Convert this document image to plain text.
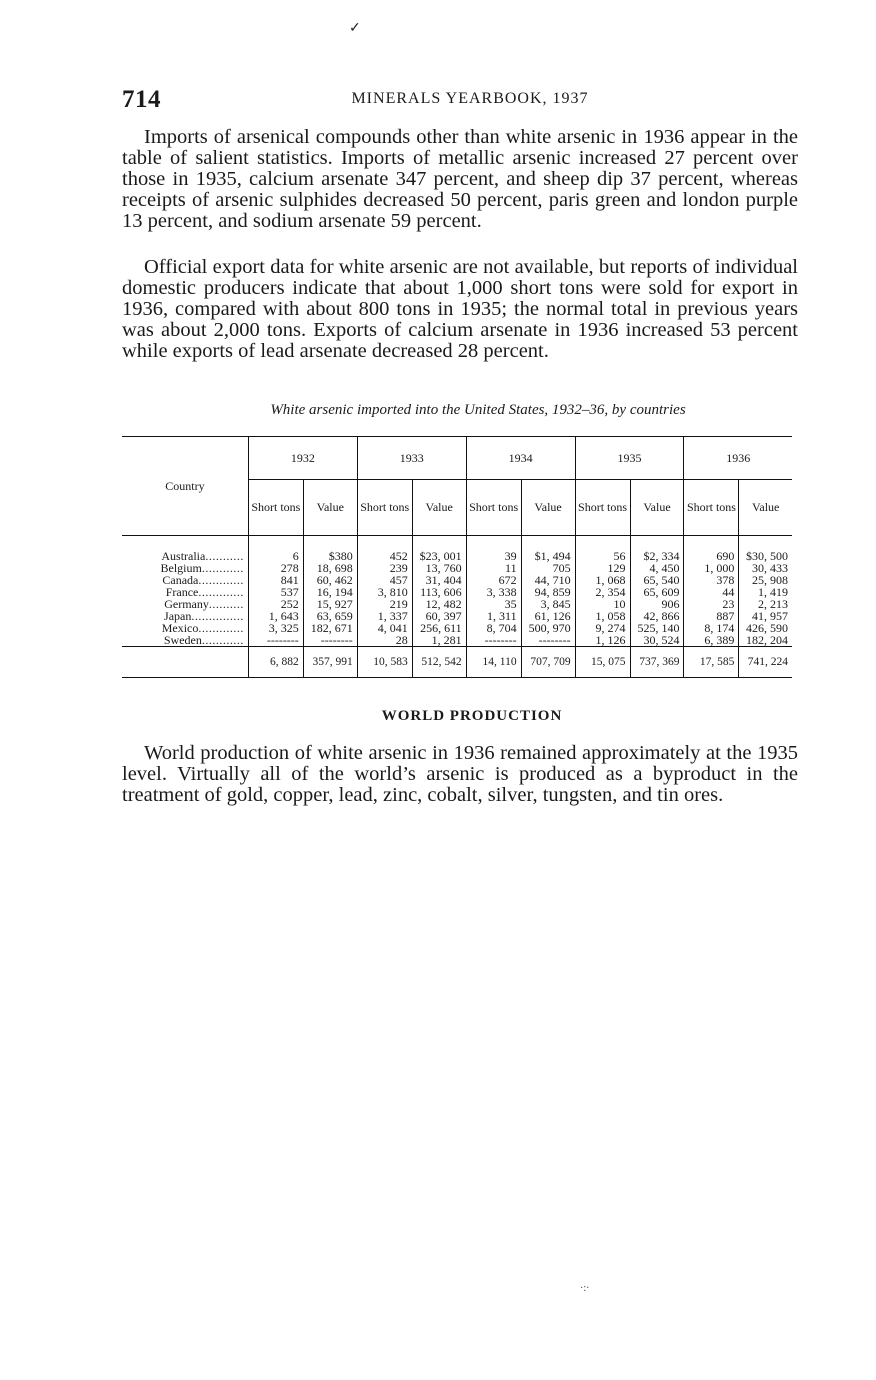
✓
714	MINERALS YEARBOOK, 1937

Imports of arsenical compounds other than white arsenic in 1936 appear in the table of salient statistics. Imports of metallic arsenic increased 27 percent over those in 1935, calcium arsenate 347 percent, and sheep dip 37 percent, whereas receipts of arsenic sulphides decreased 50 percent, paris green and london purple 13 percent, and sodium arsenate 59 percent.

Official export data for white arsenic are not available, but reports of individual domestic producers indicate that about 1,000 short tons were sold for export in 1936, compared with about 800 tons in 1935; the normal total in previous years was about 2,000 tons. Exports of calcium arsenate in 1936 increased 53 percent while exports of lead arsenate decreased 28 percent.

White arsenic imported into the United States, 1932–36, by countries
Country	1932		1933		1934		1935		1936	
	Short tons	Value	Short tons	Value	Short tons	Value	Short tons	Value	Short tons	Value

Australia...........	6	$380	452	$23, 001	39	$1, 494	56	$2, 334	690	$30, 500
Belgium............	278	18, 698	239	13, 760	11	705	129	4, 450	1, 000	30, 433
Canada.............	841	60, 462	457	31, 404	672	44, 710	1, 068	65, 540	378	25, 908
France.............	537	16, 194	3, 810	113, 606	3, 338	94, 859	2, 354	65, 609	44	1, 419
Germany..........	252	15, 927	219	12, 482	35	3, 845	10	906	23	2, 213
Japan...............	1, 643	63, 659	1, 337	60, 397	1, 311	61, 126	1, 058	42, 866	887	41, 957
Mexico.............	3, 325	182, 671	4, 041	256, 611	8, 704	500, 970	9, 274	525, 140	8, 174	426, 590
Sweden............	--------	--------	28	1, 281	--------	--------	1, 126	30, 524	6, 389	182, 204
	6, 882	357, 991	10, 583	512, 542	14, 110	707, 709	15, 075	737, 369	17, 585	741, 224
WORLD PRODUCTION

World production of white arsenic in 1936 remained approximately at the 1935 level. Virtually all of the world’s arsenic is produced as a byproduct in the treatment of gold, copper, lead, zinc, cobalt, silver, tungsten, and tin ores.

·:·
